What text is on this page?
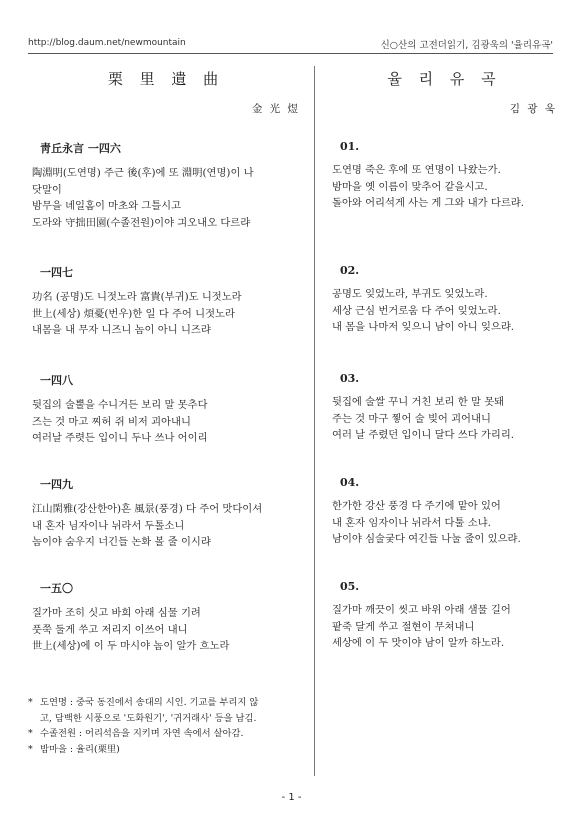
http://blog.daum.net/newmountain	신○산의 고전더읽기, 김광욱의 '율리유곡'
栗 里 遺 曲
金 光 煜
靑丘永言 一四六
陶淵明(도연명) 주근 後(후)에 또 淵明(연명)이 나
닷말이
밤무을 녜일홈이 마초와 그틀시고
도라와 守拙田園(수졸전원)이야 긔오내오 다르랴
一四七
功名 (공명)도 니젓노라 富貴(부귀)도 니젓노라
世上(세상) 煩憂(번우)한 일 다 주어 니젓노라
내몸을 내 무자 니즈니 놈이 아니 니즈랴
一四八
뒷집의 술뿔을 수니거든 보리 말 못추다
즈는 것 마고 찌허 쥐 비저 괴아내니
여러날 주렷든 입이니 두나 쓰나 어이리
一四九
江山閑雅(강산한아)흔 風景(풍경) 다 주어 맛다이셔
내 혼자 님자이나 뉘라서 두톨소니
놈이야 숨우지 너긴들 논화 볼 줄 이시랴
一五〇
질가마 조히 싯고 바희 아래 심물 기려
풋쭉 둘게 쑤고 저리지 이쓰어 내니
世上(세상)에 이 두 마시야 놈이 알가 흐노라
* 도연명 : 중국 동진에서 송대의 시인. 기교를 부리지 않
고, 담백한 시풍으로 '도화원기', '귀거래사' 등을 남김.
* 수졸전원 : 어리석음을 지키며 자연 속에서 살아감.
* 밤마을 : 율리(栗里)
율 리 유 곡
김 광 욱
01.
도연명 죽은 후에 또 연명이 나왔는가.
밤마을 옛 이름이 맞추어 같을시고.
돌아와 어리석게 사는 게 그와 내가 다르랴.
02.
공명도 잊었노라, 부귀도 잊었노라.
세상 근심 번거로움 다 주어 잊었노라.
내 몸을 나마저 잊으니 남이 아니 잊으랴.
03.
뒷집에 술쌀 꾸니 거친 보리 한 말 못돼
주는 것 마구 찧어 술 빚어 괴어내니
여러 날 주렸던 입이니 달다 쓰다 가리리.
04.
한가한 강산 풍경 다 주기에 맡아 있어
내 혼자 임자이나 뉘라서 다툴 소냐.
남이야 심술궂다 여긴들 나눌 줄이 있으랴.
05.
질가마 깨끗이 씻고 바위 아래 샘물 길어
팥죽 달게 쑤고 절현이 무쳐내니
세상에 이 두 맛이야 남이 알까 하노라.
- 1 -
